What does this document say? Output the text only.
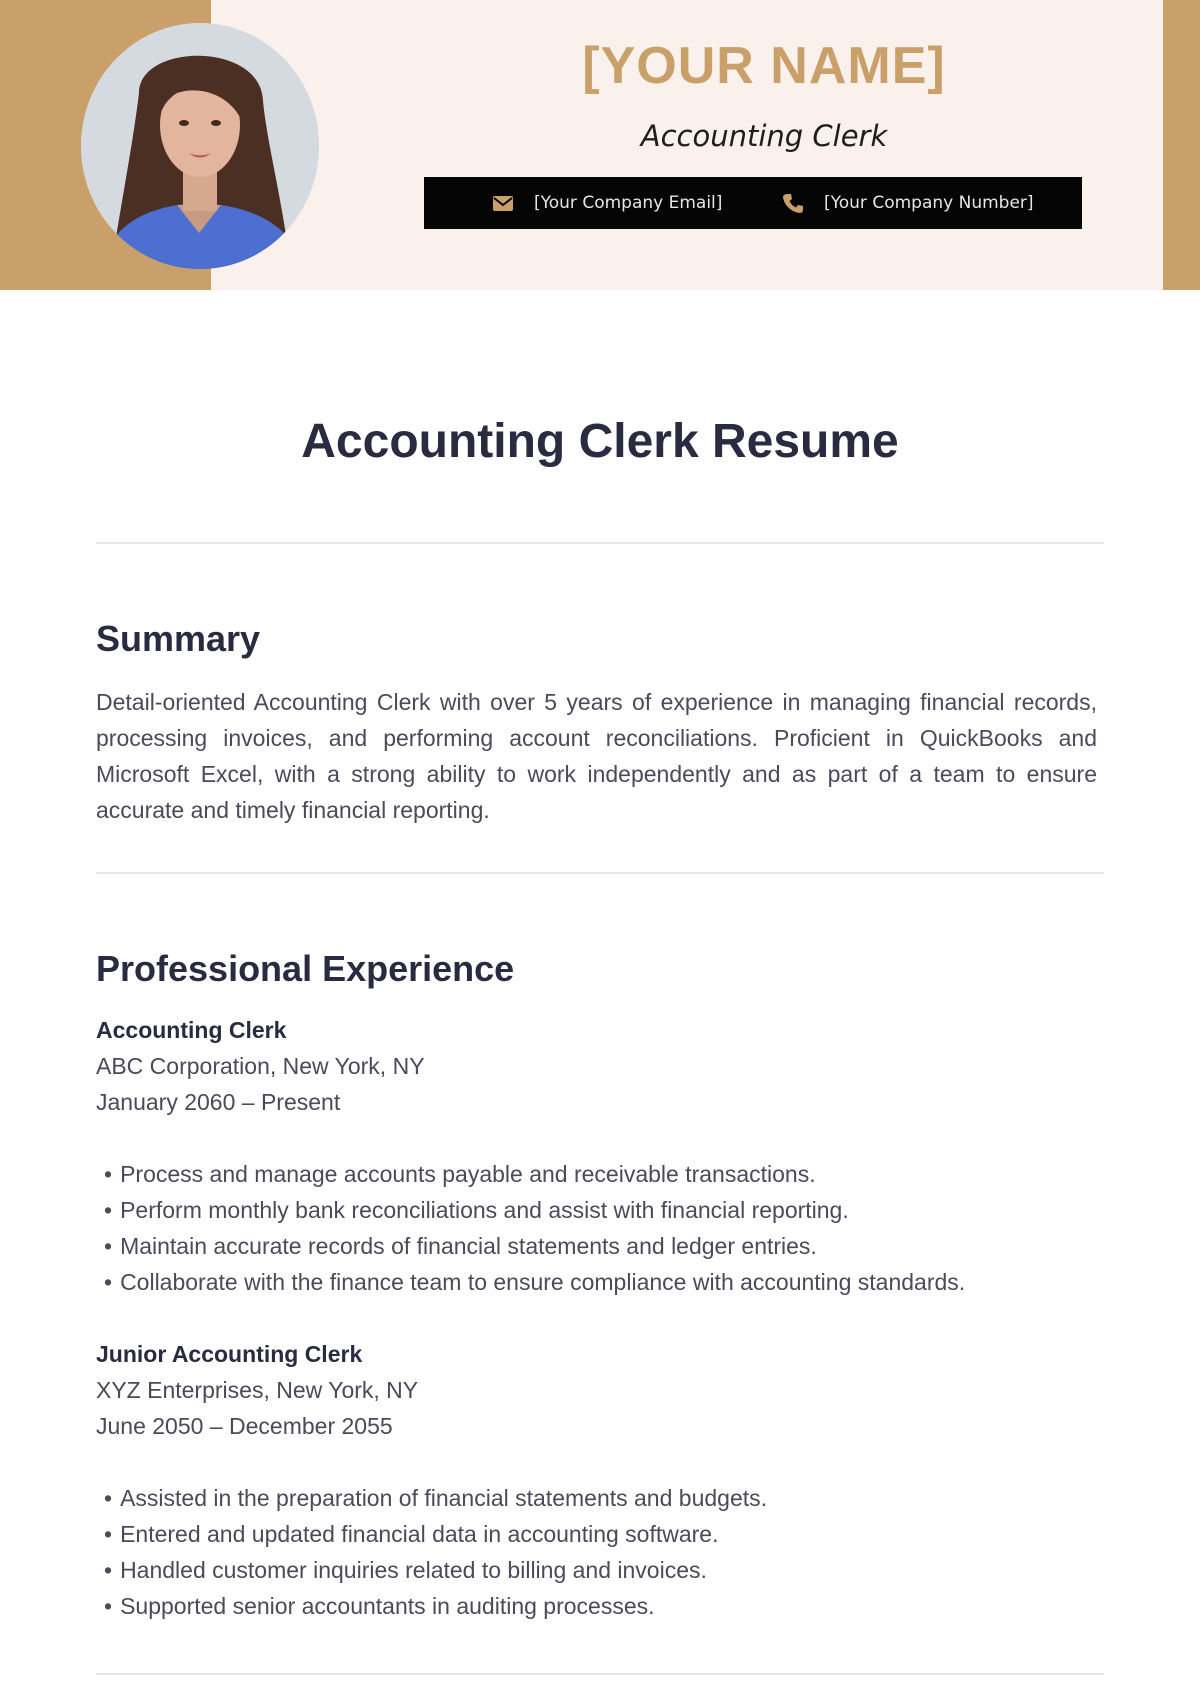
[YOUR NAME]
Accounting Clerk
[Your Company Email]	[Your Company Number]
Accounting Clerk Resume
Summary

Detail-oriented Accounting Clerk with over 5 years of experience in managing financial records, processing invoices, and performing account reconciliations. Proficient in QuickBooks and Microsoft Excel, with a strong ability to work independently and as part of a team to ensure accurate and timely financial reporting.

Professional Experience
Accounting Clerk
ABC Corporation, New York, NY
January 2060 – Present
• Process and manage accounts payable and receivable transactions.
• Perform monthly bank reconciliations and assist with financial reporting.
• Maintain accurate records of financial statements and ledger entries.
• Collaborate with the finance team to ensure compliance with accounting standards.
Junior Accounting Clerk
XYZ Enterprises, New York, NY
June 2050 – December 2055
• Assisted in the preparation of financial statements and budgets.
• Entered and updated financial data in accounting software.
• Handled customer inquiries related to billing and invoices.
• Supported senior accountants in auditing processes.
